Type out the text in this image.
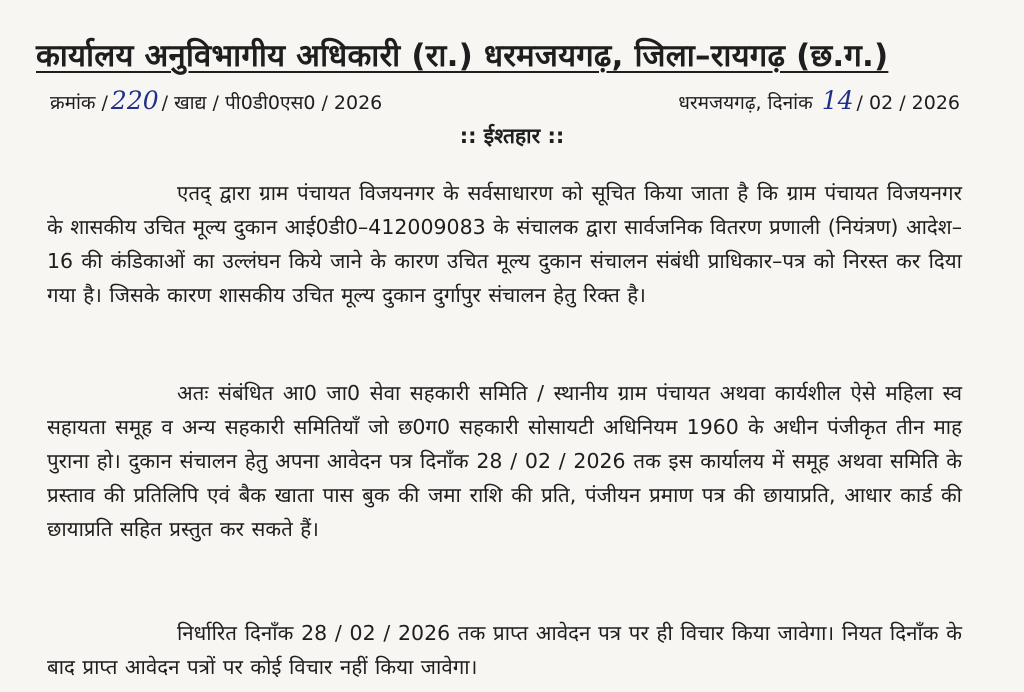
कार्यालय अनुविभागीय अधिकारी (रा.) धरमजयगढ़, जिला–रायगढ़ (छ.ग.)
क्रमांक / 220 / खाद्य / पी0डी0एस0 / 2026	धरमजयगढ़, दिनांक 14 / 02 / 2026
:: ईश्तहार ::
एतद् द्वारा ग्राम पंचायत विजयनगर के सर्वसाधारण को सूचित किया जाता है कि ग्राम पंचायत विजयनगर के शासकीय उचित मूल्य दुकान आई0डी0–412009083 के संचालक द्वारा सार्वजनिक वितरण प्रणाली (नियंत्रण) आदेश–16 की कंडिकाओं का उल्लंघन किये जाने के कारण उचित मूल्य दुकान संचालन संबंधी प्राधिकार–पत्र को निरस्त कर दिया गया है। जिसके कारण शासकीय उचित मूल्य दुकान दुर्गापुर संचालन हेतु रिक्त है।
अतः संबंधित आ0 जा0 सेवा सहकारी समिति / स्थानीय ग्राम पंचायत अथवा कार्यशील ऐसे महिला स्व सहायता समूह व अन्य सहकारी समितियाँ जो छ0ग0 सहकारी सोसायटी अधिनियम 1960 के अधीन पंजीकृत तीन माह पुराना हो। दुकान संचालन हेतु अपना आवेदन पत्र दिनाँक 28 / 02 / 2026 तक इस कार्यालय में समूह अथवा समिति के प्रस्ताव की प्रतिलिपि एवं बैक खाता पास बुक की जमा राशि की प्रति, पंजीयन प्रमाण पत्र की छायाप्रति, आधार कार्ड की छायाप्रति सहित प्रस्तुत कर सकते हैं।
निर्धारित दिनाँक 28 / 02 / 2026 तक प्राप्त आवेदन पत्र पर ही विचार किया जावेगा। नियत दिनाँक के बाद प्राप्त आवेदन पत्रों पर कोई विचार नहीं किया जावेगा।
